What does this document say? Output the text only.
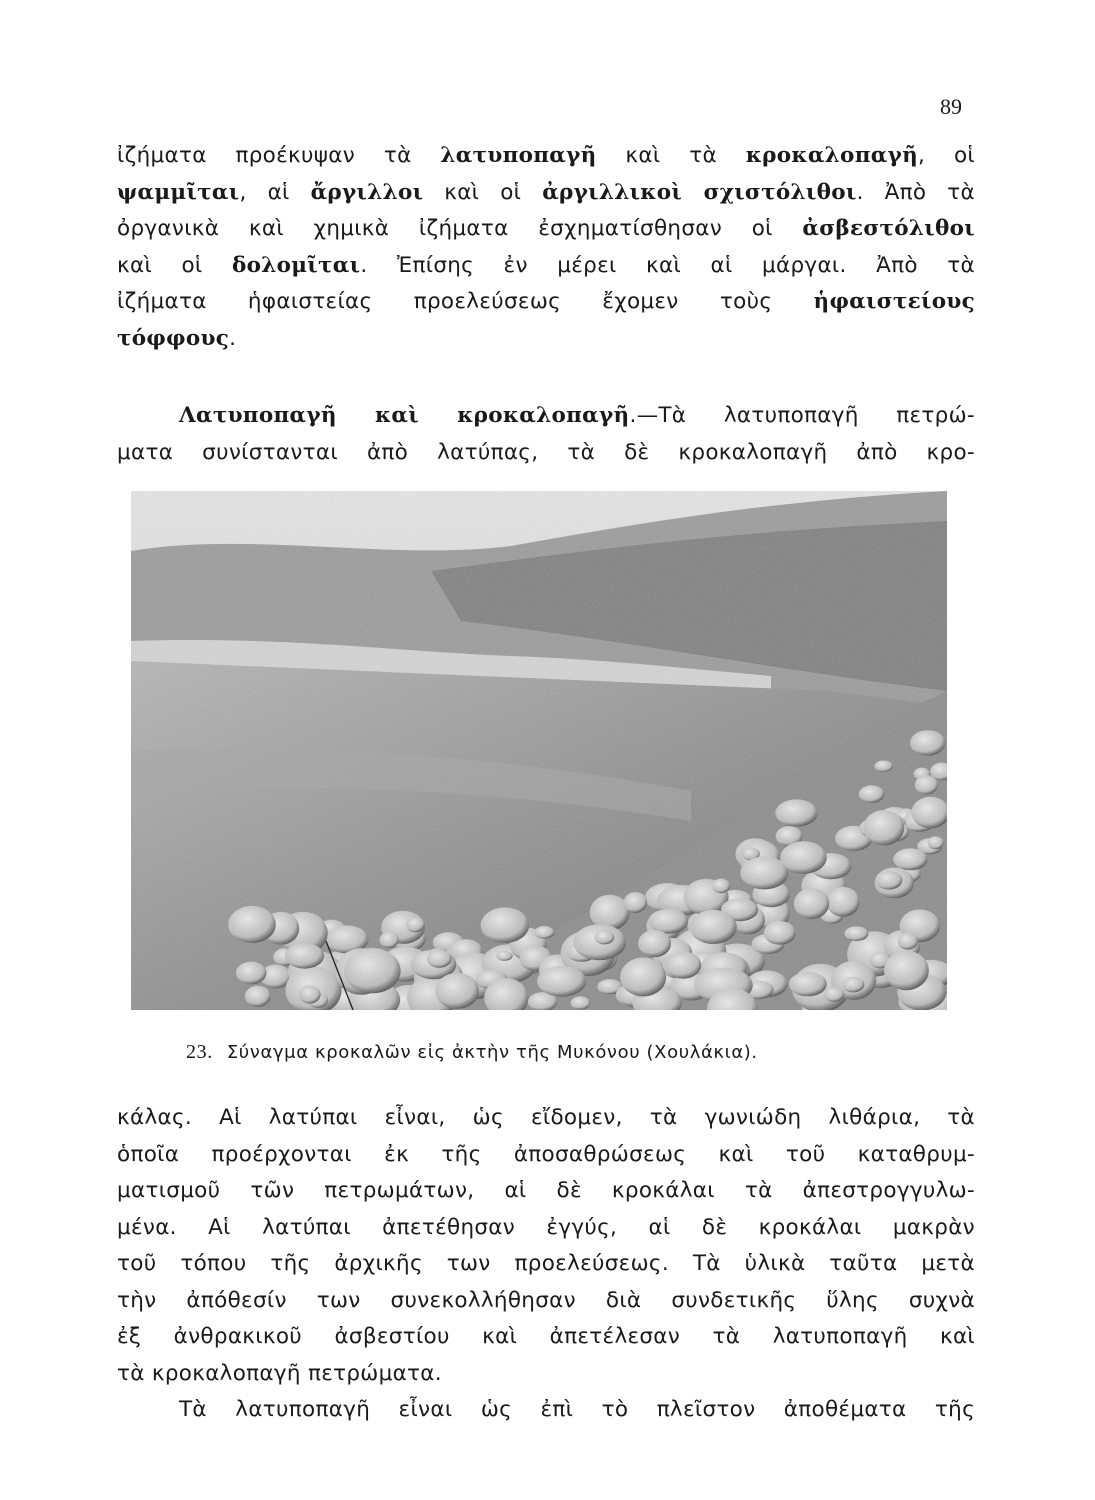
89

ἰζήματα προέκυψαν τὰ λατυποπαγῆ καὶ τὰ κροκαλοπαγῆ, οἱ
ψαμμῖται, αἱ ἄργιλλοι καὶ οἱ ἀργιλλικοὶ σχιστόλιθοι. Ἀπὸ τὰ
ὀργανικὰ καὶ χημικὰ ἰζήματα ἐσχηματίσθησαν οἱ ἀσβεστόλιθοι
καὶ οἱ δολομῖται. Ἐπίσης ἐν μέρει καὶ αἱ μάργαι. Ἀπὸ τὰ
ἰζήματα ἡφαιστείας προελεύσεως ἔχομεν τοὺς ἡφαιστείους
τόφφους.

Λατυποπαγῆ καὶ κροκαλοπαγῆ.—Τὰ λατυποπαγῆ πετρώ-
ματα συνίστανται ἀπὸ λατύπας, τὰ δὲ κροκαλοπαγῆ ἀπὸ κρο-

23. Σύναγμα κροκαλῶν εἰς ἀκτὴν τῆς Μυκόνου (Χουλάκια).

κάλας. Αἱ λατύπαι εἶναι, ὡς εἴδομεν, τὰ γωνιώδη λιθάρια, τὰ
ὁποῖα προέρχονται ἐκ τῆς ἀποσαθρώσεως καὶ τοῦ καταθρυμ-
ματισμοῦ τῶν πετρωμάτων, αἱ δὲ κροκάλαι τὰ ἀπεστρογγυλω-
μένα. Αἱ λατύπαι ἀπετέθησαν ἐγγύς, αἱ δὲ κροκάλαι μακρὰν
τοῦ τόπου τῆς ἀρχικῆς των προελεύσεως. Τὰ ὑλικὰ ταῦτα μετὰ
τὴν ἀπόθεσίν των συνεκολλήθησαν διὰ συνδετικῆς ὕλης συχνὰ
ἐξ ἀνθρακικοῦ ἀσβεστίου καὶ ἀπετέλεσαν τὰ λατυποπαγῆ καὶ
τὰ κροκαλοπαγῆ πετρώματα.
Τὰ λατυποπαγῆ εἶναι ὡς ἐπὶ τὸ πλεῖστον ἀποθέματα τῆς
